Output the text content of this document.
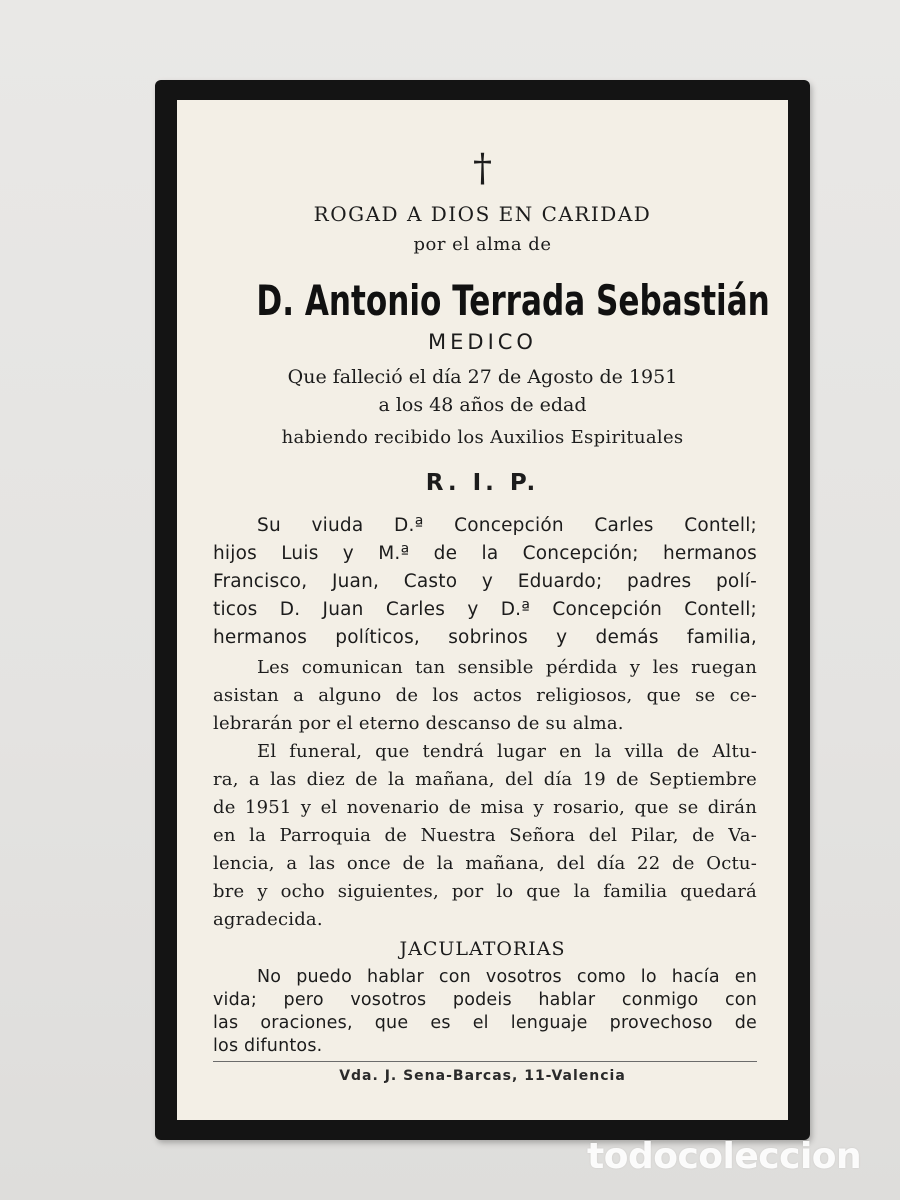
†
ROGAD A DIOS EN CARIDAD
por el alma de
D. Antonio Terrada Sebastián
MEDICO
Que falleció el día 27 de Agosto de 1951
a los 48 años de edad
habiendo recibido los Auxilios Espirituales
R. I. P.
Su viuda D.ª Concepción Carles Contell;
hijos Luis y M.ª de la Concepción; hermanos
Francisco, Juan, Casto y Eduardo; padres polí-
ticos D. Juan Carles y D.ª Concepción Contell;
hermanos políticos, sobrinos y demás familia,
Les comunican tan sensible pérdida y les ruegan
asistan a alguno de los actos religiosos, que se ce-
lebrarán por el eterno descanso de su alma.
El funeral, que tendrá lugar en la villa de Altu-
ra, a las diez de la mañana, del día 19 de Septiembre
de 1951 y el novenario de misa y rosario, que se dirán
en la Parroquia de Nuestra Señora del Pilar, de Va-
lencia, a las once de la mañana, del día 22 de Octu-
bre y ocho siguientes, por lo que la familia quedará
agradecida.
JACULATORIAS
No puedo hablar con vosotros como lo hacía en
vida; pero vosotros podeis hablar conmigo con
las oraciones, que es el lenguaje provechoso de
los difuntos.
Vda. J. Sena-Barcas, 11-Valencia
todocoleccion
